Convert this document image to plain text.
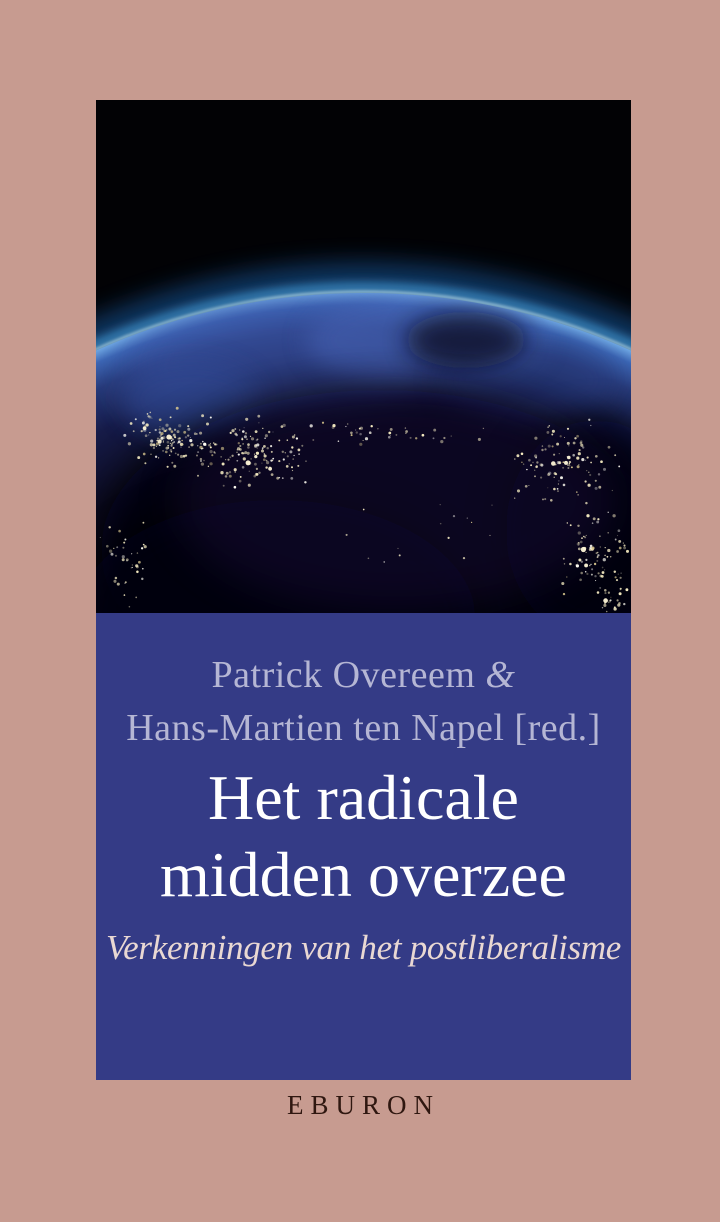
Patrick Overeem &
Hans-Martien ten Napel [red.]
Het radicale
midden overzee
Verkenningen van het postliberalisme
EBURON
